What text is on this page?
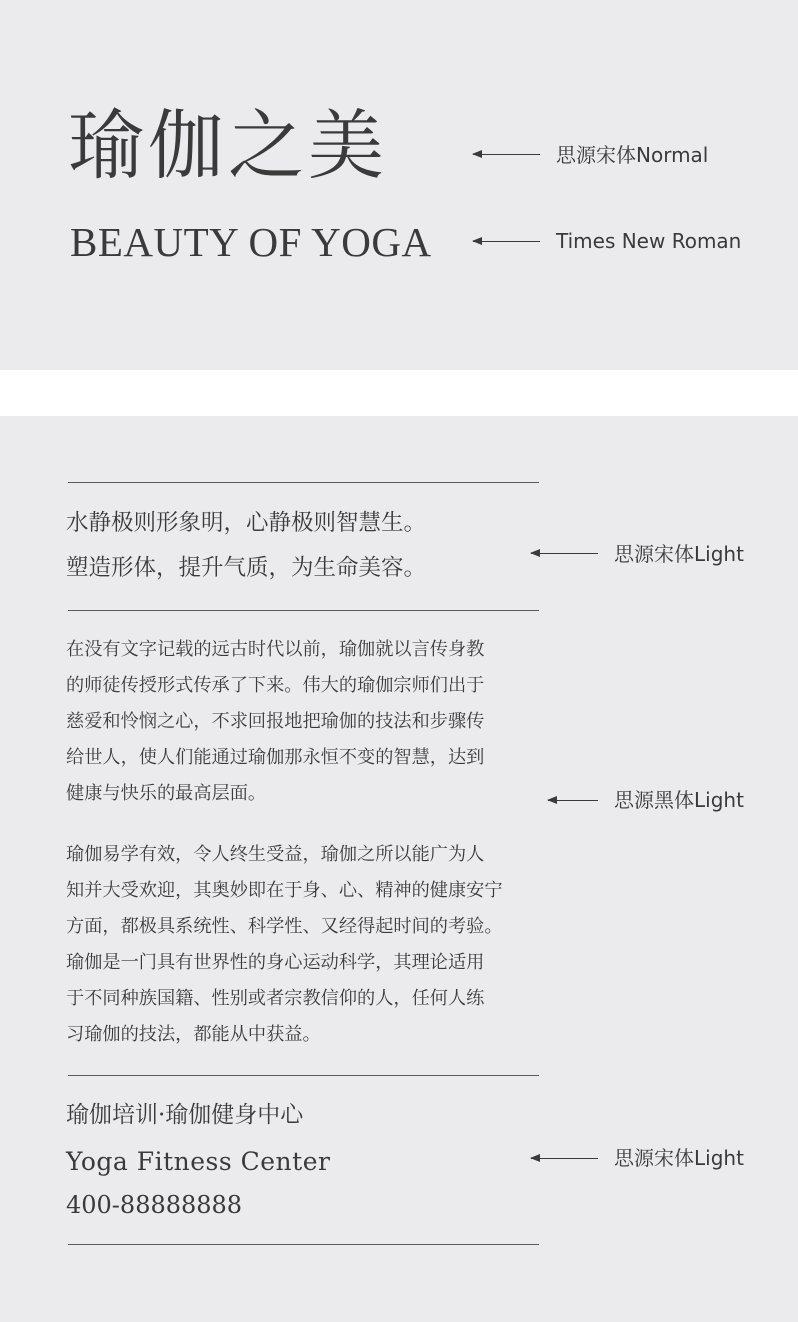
瑜伽之美
BEAUTY OF YOGA
思源宋体Normal
Times New Roman
水静极则形象明，心静极则智慧生。
塑造形体，提升气质，为生命美容。
思源宋体Light
在没有文字记载的远古时代以前，瑜伽就以言传身教
的师徒传授形式传承了下来。伟大的瑜伽宗师们出于
慈爱和怜悯之心，不求回报地把瑜伽的技法和步骤传
给世人，使人们能通过瑜伽那永恒不变的智慧，达到
健康与快乐的最高层面。	思源黑体Light
瑜伽易学有效，令人终生受益，瑜伽之所以能广为人
知并大受欢迎，其奥妙即在于身、心、精神的健康安宁
方面，都极具系统性、科学性、又经得起时间的考验。
瑜伽是一门具有世界性的身心运动科学，其理论适用
于不同种族国籍、性别或者宗教信仰的人，任何人练
习瑜伽的技法，都能从中获益。
瑜伽培训·瑜伽健身中心
Yoga Fitness Center
400-88888888
思源宋体Light
